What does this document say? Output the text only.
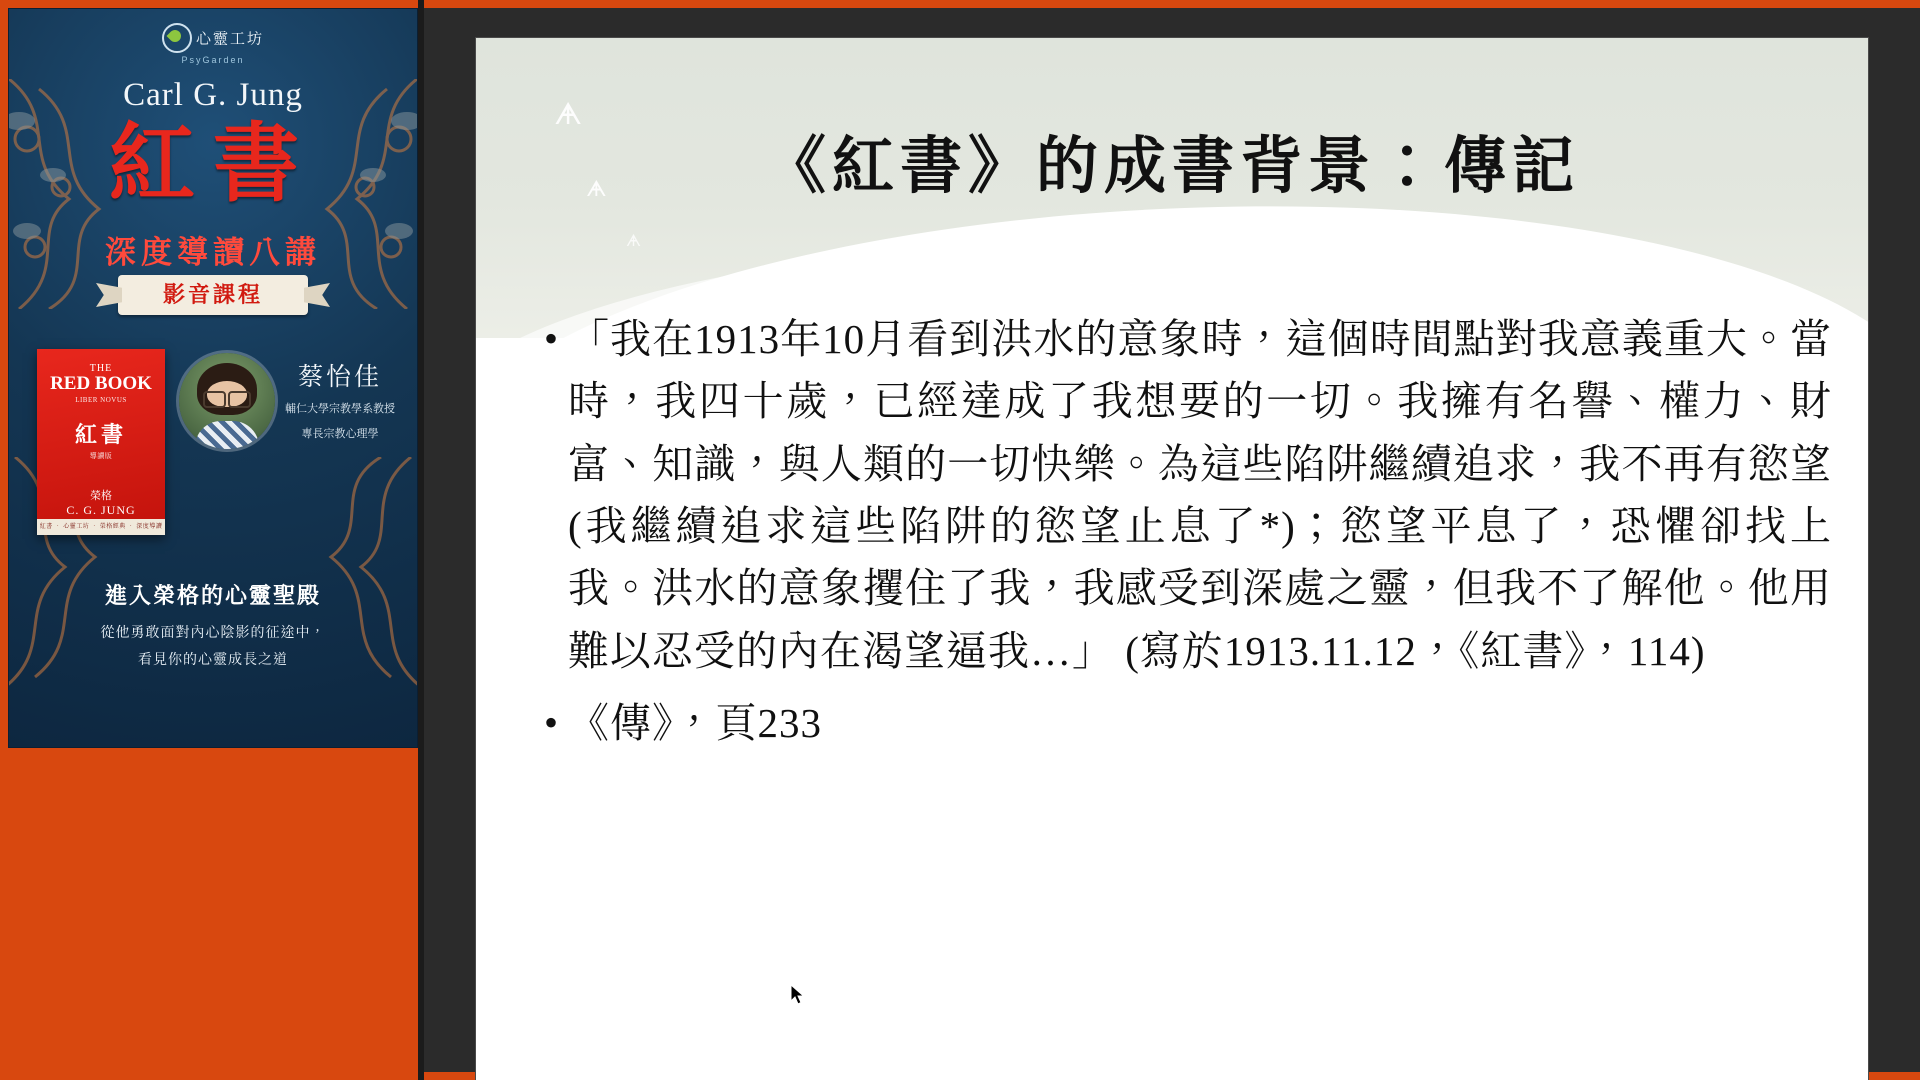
心靈工坊
PsyGarden
Carl G. Jung
紅書
深度導讀八講
影音課程
THE
RED BOOK
LIBER NOVUS
紅書
導讀版
榮格
C. G. JUNG
紅書 ‧ 心靈工坊 ‧ 榮格經典 ‧ 深度導讀
蔡怡佳
輔仁大學宗教學系教授
專長宗教心理學
進入榮格的心靈聖殿
從他勇敢面對內心陰影的征途中，
看見你的心靈成長之道
ᗗ
ᗗ
ᗗ
《紅書》的成書背景：傳記
• 「我在1913年10月看到洪水的意象時，這個時間點對我意義重大。當時，我四十歲，已經達成了我想要的一切。我擁有名譽、權力、財富、知識，與人類的一切快樂。為這些陷阱繼續追求，我不再有慾望(我繼續追求這些陷阱的慾望止息了*)；慾望平息了，恐懼卻找上我。洪水的意象攫住了我，我感受到深處之靈，但我不了解他。他用難以忍受的內在渴望逼我…」 (寫於1913.11.12，《紅書》，114)
• 《傳》，頁233
